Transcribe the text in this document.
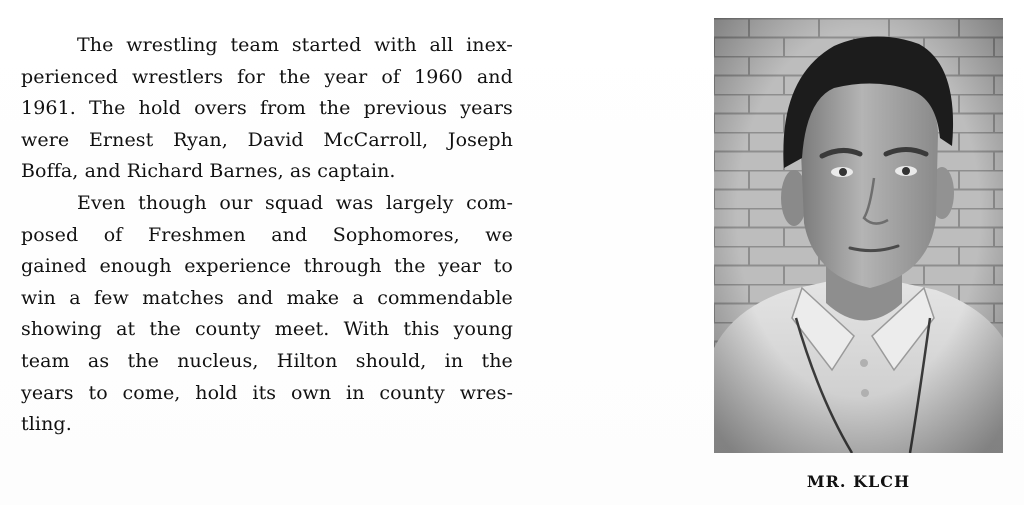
The wrestling team started with all inex-
perienced wrestlers for the year of 1960 and
1961. The hold overs from the previous years
were Ernest Ryan, David McCarroll, Joseph
Boffa, and Richard Barnes, as captain.
Even though our squad was largely com-
posed of Freshmen and Sophomores, we
gained enough experience through the year to
win a few matches and make a commendable
showing at the county meet. With this young
team as the nucleus, Hilton should, in the
years to come, hold its own in county wres-
tling.
MR. KLCH
